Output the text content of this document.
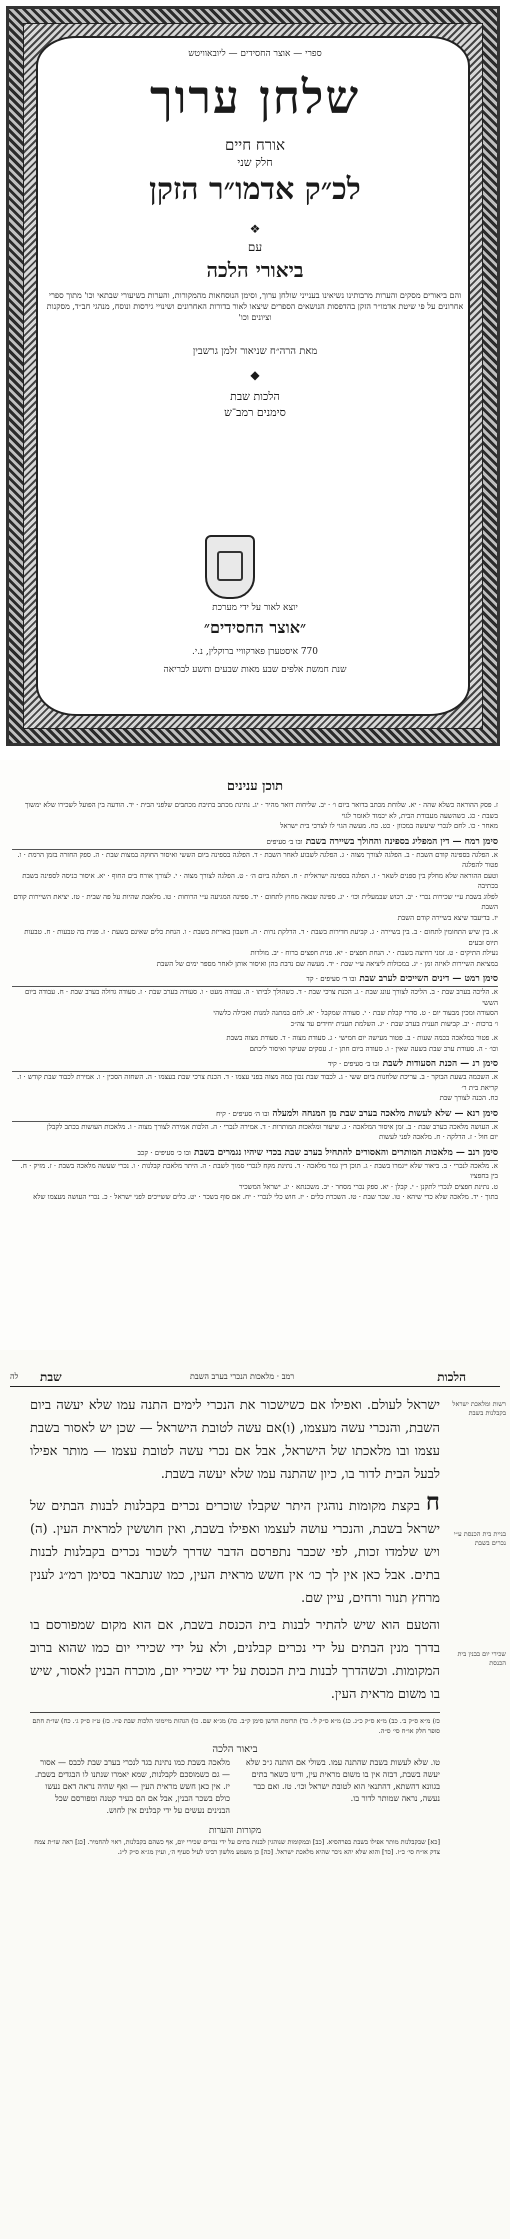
ספרי — אוצר החסידים — ליובאוויטש
שלחן ערוך
אורח חיים
חלק שני
לכ״ק אדמו״ר הזקן
❖
עם
ביאורי הלכה
והם ביאורים מסקים והערות מרבותינו נשיאינו בענייני שולחן ערוך, וסימן הנוסחאות מהמקורות, והערות בשיעורי שבתאי וכו' מתוך ספרי אחרונים על פי שיטת אדמו״ר הזקן בהדפסות הנושאים הספרים שיצאו לאור בדורות האחרונים ושינויי גירסות ונוסח, מנהגי חב״ד, מסקנות וציונים וכו'
מאת הרה״ח שניאור זלמן גרשבין
◆
הלכות שבת
סימנים רמב־ש
יוצא לאור על ידי מערכת
״אוצר החסידים״
770 איסטערן פארקוויי ברוקלין, נ.י.
שנת חמשת אלפים שבע מאות שבעים ותשע לבריאה
תוכן ענינים
ז. פסק ההוראה כשלא שהה · יא. שלוחת מכתב בדואר ביום ו׳ · יב. שליחות דואר מהיר · יג. נתינת מכתב בתיבת מכתבים שלפני הבית · יד. הודעה בין הפועל לשכירו שלא ימשוך בשבת · כג. כשהשעה מעבודת הבית, לא יכמוד לאומר לגוי
מאחר · כו. לחם לנכרי שיעשה במכוון · כט. כח. מעשה הגוי לו לצרכי בית ישראל
סימן רמח — דין המפליג בספינה והחולך בשיירה בשבת ובו ב׳ סעיפים
א. הפלגה בספינה קודם השבת · ב. הפלגה לצורך מצוה · ג. הפלגה לשבוע לאחר השבת · ד. הפלגה בספינה ביום הששי ואיסור החוקה במצות שבת · ה. ספק החזרה בזמן הרמת · ו. פטור להפלגה
וטעם ההוראה שלא מחלק בין ספנים לשאר · ז. הפלגה בספינה ישראלית · ח. הפלגה ביום ה׳ · ט. הפלגה לצורך מצוה · י. לצורך אורח בים החוף · יא. איסור כניסה לספינה בשבת בכתיבה
לפלוג בשבת ע״י שכירות נכרי · יב. רכוש שבמעלית וכו׳ · יג. ספינה שבאה מחוץ לתחום · יד. ספינה המגיעה ע״י הרוחות · טו. מלאכת שהיות על פה שבית · טז. יציאת השיירות קודם השבת
יז. בדיעבד שיצא בשיירה קודם השבת
א. בין שיש התחומין לתחום · ב. בין בשיירה · ג. קביעת חדירות בשבת · ד. הדלקת נרות · ה. חשבון באריזת בשבת · ו. הנחת כלים שאינם בשעת · ז. פנית בה טבעות · ח. טבעות תיוס זבעים
נעילת התיקים · ט. זמני רחיצה בשבת · י. הנחת חפצים · יא. פנית חפצים ברוח · יב. מולדות
במציאת השיירות לאיזה זמן · יג. במכולות ליציאה ע״י שבת · יד. מעשה שם נדבת בהן ואיסור אותן לאחר מספר ימים של השבת
סימן רמט — דינים השייכים לערב שבת ובו ד׳ סעיפים · קד
א. הליכה בערב שבת · ב. הליכה לצורך עונג שבת · ג. הכנת צרכי שבת · ד. כשהולך לביתו · ה. עבודה מעט · ו. סעודה בערב שבת · ז. סעודה גדולה בערב שבת · ח. עבודה ביום הששי
הסעודה ומכין מבעוד יום · ט. סדרי קבלת שבת · י. סעודה שמקבל · יא. לחם במתנה למנות ואכילה כלשהי
ו׳ ברכות · יב. קביעות תענית בערב שבת · יג. השלמת תענית יחידים עד צה״כ
א. פטור במלאכה בכמה שעות · ב. פטור מעישה יום חמישי · ג. סעודת מצוה · ד. סעודת מצוה בשבת
וכו׳ · ה. סעודת ערב שבת בשעה שאין · ו. סעודה ביום חתן · ז. עסקים שעיקר ואיסור ליכתם
סימן רנ — הכנת הסעודות לשבת ובו ב׳ סעיפים · קיד
א. השכמה בשעת הבוקר · ב. עריכת שלחנות ביום ששי · ג. לכבוד שבת נכון כמה מצוה בפני עצמו · ד. הכנת צרכי שבת בעצמו · ה. השחזה הסכין · ו. אמירת לכבוד שבת קודש · ז. קריאת בית ר׳
כח. הכנה לצורך שבת
סימן רנא — שלא לעשות מלאכה בערב שבת מן המנחה ולמעלה ובו ה׳ סעיפים · קיח
א. העושה מלאכה בערב שבת · ב. זמן איסור המלאכה · ג. שיעור ומלאכות המותרות · ד. אמירה לנכרי · ה. הלכות אמירה לצורך מצוה · ו. מלאכות העושות בכתב לקבלן
יום חול · ז. הדלקה · ח. מלאכה לפני לעשות
סימן רנב — מלאכות המותרים והאסורים להתחיל בערב שבת בכדי שיהיו נגמרים בשבת ובו כ׳ סעיפים · קכב
א. מלאכה לנכרי · ב. ביאור שלא ייגמרו בשבת · ג. תוכן דין גמר מלאכה · ד. נתינת מקח לנכרי סמוך לשבת · ה. היתר מלאכת קבלנות · ו. נכרי שעשה מלאכה בשבת · ז. מזיק · ח. בין בחפציו
ט. נתינת חפצים לנכרי לתקנן · י. קבלן · יא. ספק נכרי מסחר · יב. משכנתא · יג. ישראל המשכיר
בתוך · יד. מלאכה שלא כדי שיהא · טו. שכר שבת · טז. השכרת כלים · יז. חוש כלי לנכרי · יח. אם סוף בשכר · יט. כלים ששייכים לפני ישראל · כ. נכרי העושה מעצמו שלא
הלכות
רמב · מלאכות הנכרי בערב השבת
שבת
לה
רשות ומלאכת ישראל בקבלנות בשבת
בניית בית הכנסת ע״י נכרים בשבת
שכירי יום בבנין בית הכנסת
ישראל לעולם. ואפילו אם כשישכור את הנכרי לימים התנה עמו שלא יעשה ביום השבת, והנכרי עשה מעצמו, (ו)אם עשה לטובת הישראל — שכן יש לאסור בשבת עצמו ובו מלאכתו של הישראל, אבל אם נכרי עשה לטובת עצמו — מותר אפילו לבעל הבית לדור בו, כיון שהתנה עמו שלא יעשה בשבת.
ח בקצת מקומות נוהגין היתר שקבלו שוכרים נכרים בקבלנות לבנות הבתים של ישראל בשבת, והנכרי עושה לעצמו ואפילו בשבת, ואין חוששין למראית העין. (ה) ויש שלמדו זכות, לפי שכבר נתפרסם הדבר שדרך לשכור נכרים בקבלנות לבנות בתים. אבל כאן אין לך כו׳ אין חשש מראית העין, כמו שנתבאר בסימן רמ״ג לענין מרחץ תנור ורחים, עיין שם.
והטעם הוא שיש להתיר לבנות בית הכנסת בשבת, אם הוא מקום שמפורסם בו בדרך מנין הבתים על ידי נכרים קבלנים, ולא על ידי שכירי יום כמו שהוא ברוב המקומות. וכשהדרך לבנות בית הכנסת על ידי שכירי יום, מוכרח הבנין לאסור, שיש בו משום מראית העין.
כז) מ״א ס״ק ב׳. כב) מ״א ס״ק כ״ג. כג) מ״א ס״ק ל׳. כד) תרומת הדשן סימן ק״ב. כה) מג״א שם. כו) הגהות מיימוני הלכות שבת פ״ו. כז) ט״ז ס״ק ג׳. כח) שו״ת חתם סופר חלק או״ח סי׳ ס״ה.
ביאור הלכה
טו. שלא לעשות בשבת שהתנה עמו. בשולי אם הותנה ג״כ שלא יעשה בשבת, דבזה אין בו משום מראית עין, ודינו כשאר בתים בגוונא דהשתא, דהתנאי הוא לטובת ישראל וכו׳. טז. ואם כבר נעשה, נראה שמותר לדור בו.
מלאכה בשבת כמו נתינת בגד לנכרי בערב שבת לכבס — אסור — גם כשמוסכם לקבלנות, שמא יאמרו שנתנו לו הבגדים בשבת. יז. אין כאן חשש מראית העין — ואף שהיה נראה דאם נעשו כולם בשכר הבנין, אבל אם הם בעיר קטנה ומפורסם שכל הבנינים נעשים על ידי קבלנים אין לחוש.
מקורות והערות
[כא] שבקבלנות מותר אפילו בשבת בפרהסיא. [כב] ובמקומות שנוהגין לבנות בתים על ידי נכרים שכירי יום, אף כשהם בקבלנות, ראוי להחמיר. [כג] ראה שו״ת צמח צדק או״ח סי׳ כ״ז. [כד] והוא שלא יהא ניכר שהיא מלאכת ישראל. [כה] כן משמע מלשון רבינו לעיל סעיף ה׳, ועיין מג״א ס״ק ל״ג.
